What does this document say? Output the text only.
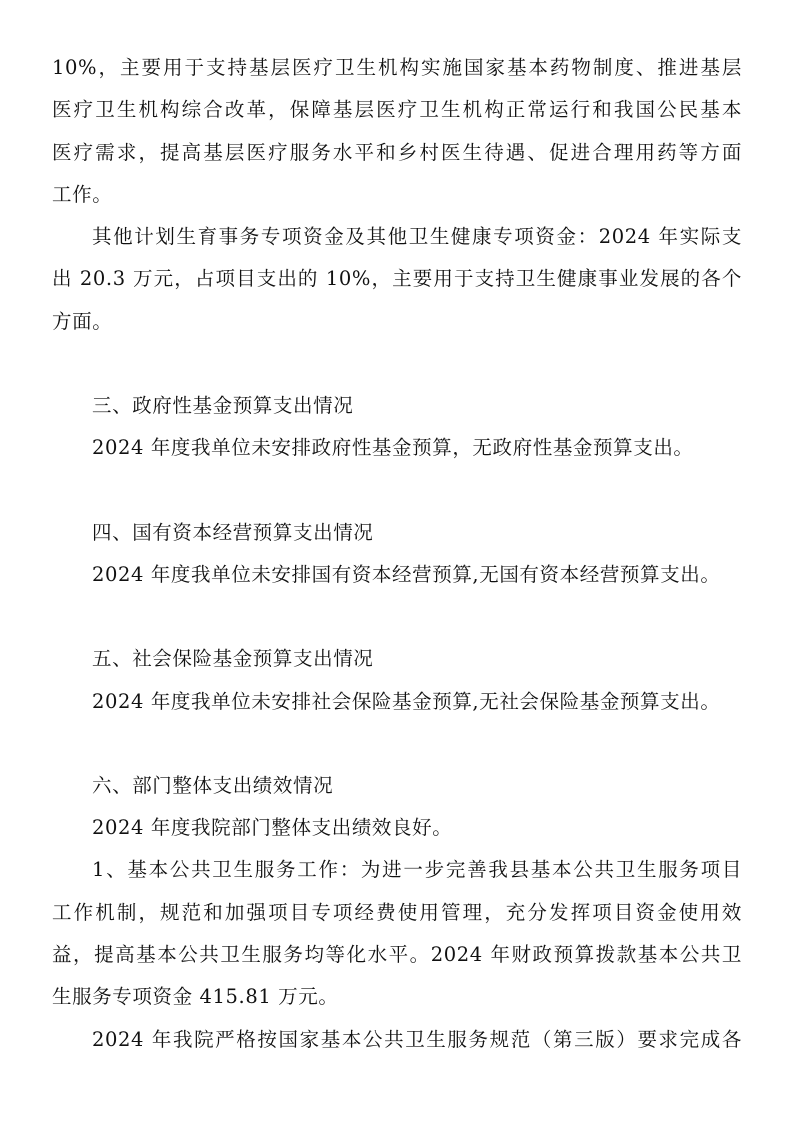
10%，主要用于支持基层医疗卫生机构实施国家基本药物制度、推进基层
医疗卫生机构综合改革，保障基层医疗卫生机构正常运行和我国公民基本
医疗需求，提高基层医疗服务水平和乡村医生待遇、促进合理用药等方面
工作。
其他计划生育事务专项资金及其他卫生健康专项资金：2024 年实际支
出 20.3 万元，占项目支出的 10%，主要用于支持卫生健康事业发展的各个
方面。
三、政府性基金预算支出情况
2024 年度我单位未安排政府性基金预算，无政府性基金预算支出。
四、国有资本经营预算支出情况
2024 年度我单位未安排国有资本经营预算,无国有资本经营预算支出。
五、社会保险基金预算支出情况
2024 年度我单位未安排社会保险基金预算,无社会保险基金预算支出。
六、部门整体支出绩效情况
2024 年度我院部门整体支出绩效良好。
1、基本公共卫生服务工作：为进一步完善我县基本公共卫生服务项目
工作机制，规范和加强项目专项经费使用管理，充分发挥项目资金使用效
益，提高基本公共卫生服务均等化水平。2024 年财政预算拨款基本公共卫
生服务专项资金 415.81 万元。
2024 年我院严格按国家基本公共卫生服务规范（第三版）要求完成各
